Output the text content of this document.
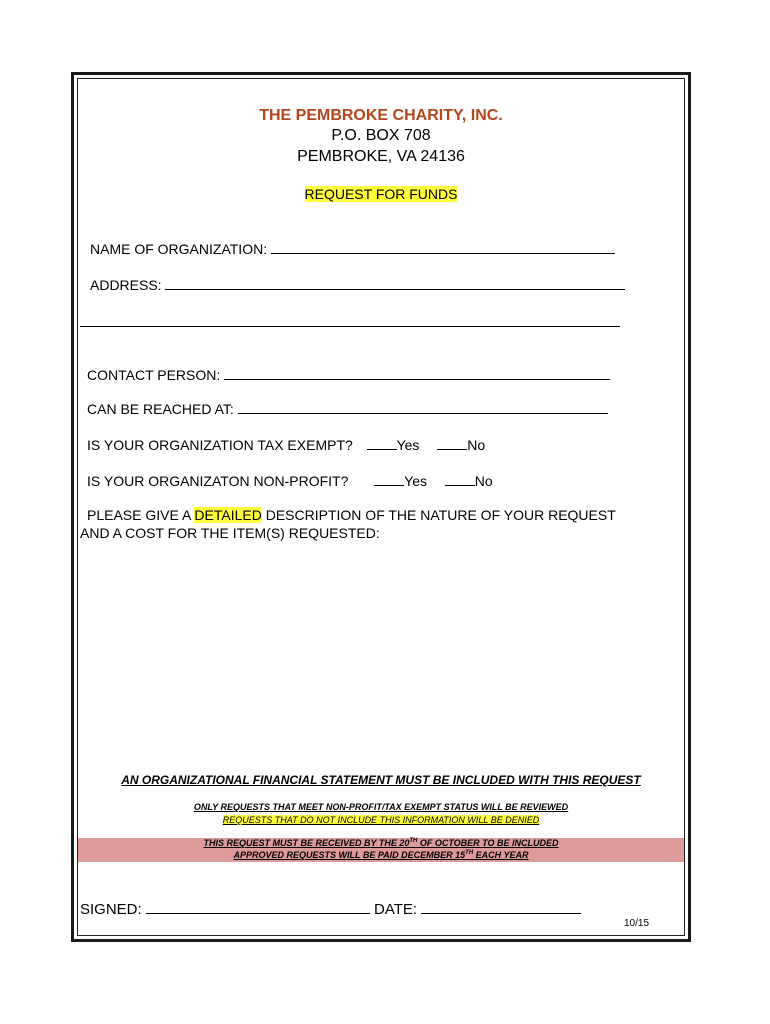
THE PEMBROKE CHARITY, INC.
P.O. BOX 708
PEMBROKE, VA 24136
REQUEST FOR FUNDS
NAME OF ORGANIZATION:
ADDRESS:
CONTACT PERSON:
CAN BE REACHED AT:
IS YOUR ORGANIZATION TAX EXEMPT?	Yes	No
IS YOUR ORGANIZATON NON-PROFIT?	Yes	No
PLEASE GIVE A DETAILED DESCRIPTION OF THE NATURE OF YOUR REQUEST
AND A COST FOR THE ITEM(S) REQUESTED:
AN ORGANIZATIONAL FINANCIAL STATEMENT MUST BE INCLUDED WITH THIS REQUEST
ONLY REQUESTS THAT MEET NON-PROFIT/TAX EXEMPT STATUS WILL BE REVIEWED
REQUESTS THAT DO NOT INCLUDE THIS INFORMATION WILL BE DENIED
THIS REQUEST MUST BE RECEIVED BY THE 20TH OF OCTOBER TO BE INCLUDED
APPROVED REQUESTS WILL BE PAID DECEMBER 15TH EACH YEAR
SIGNED:	DATE:
10/15
